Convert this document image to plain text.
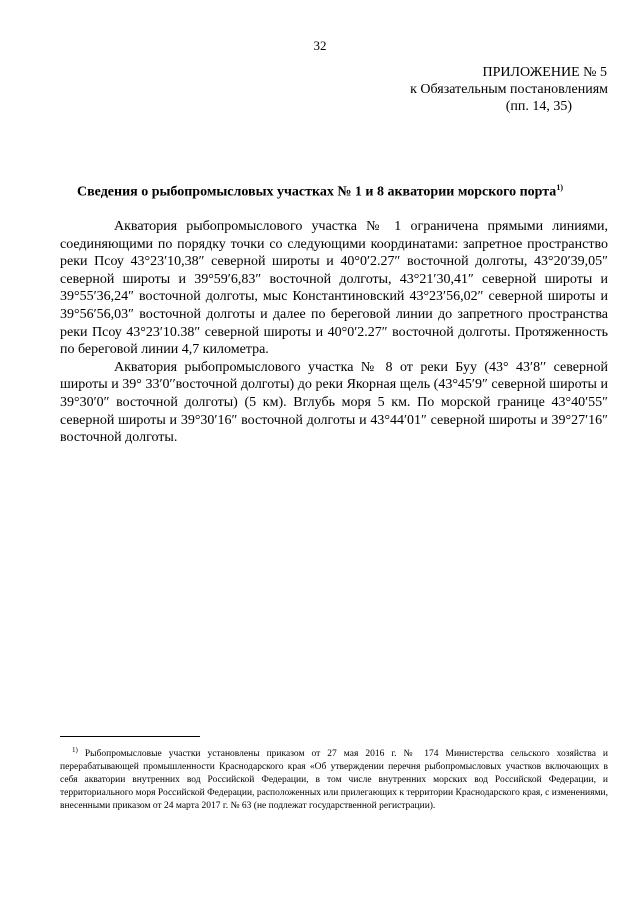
32
ПРИЛОЖЕНИЕ № 5
к Обязательным постановлениям
(пп. 14, 35)
Сведения о рыбопромысловых участках № 1 и 8 акватории морского порта$^{1)}$

Акватория рыбопромыслового участка № 1 ограничена прямыми линиями, соединяющими по порядку точки со следующими координатами: запретное пространство реки Псоу 43°23′10,38″ северной широты и 40°0′2.27″ восточной долготы, 43°20′39,05″ северной широты и 39°59′6,83″ восточной долготы, 43°21′30,41″ северной широты и 39°55′36,24″ восточной долготы, мыс Константиновский 43°23′56,02″ северной широты и 39°56′56,03″ восточной долготы и далее по береговой линии до запретного пространства реки Псоу 43°23′10.38″ северной широты и 40°0′2.27″ восточной долготы. Протяженность по береговой линии 4,7 километра.

Акватория рыбопромыслового участка № 8 от реки Буу (43° 43′8′′ северной широты и 39° 33′0′′восточной долготы) до реки Якорная щель (43°45′9″ северной широты и 39°30′0″ восточной долготы) (5 км). Вглубь моря 5 км. По морской границе 43°40′55″ северной широты и 39°30′16″ восточной долготы и 43°44′01″ северной широты и 39°27′16″ восточной долготы.

$^{1)}$ Рыбопромысловые участки установлены приказом от 27 мая 2016 г. № 174 Министерства сельского хозяйства и перерабатывающей промышленности Краснодарского края «Об утверждении перечня рыбопромысловых участков включающих в себя акватории внутренних вод Российской Федерации, в том числе внутренних морских вод Российской Федерации, и территориального моря Российской Федерации, расположенных или прилегающих к территории Краснодарского края, с изменениями, внесенными приказом от 24 марта 2017 г. № 63 (не подлежат государственной регистрации).
